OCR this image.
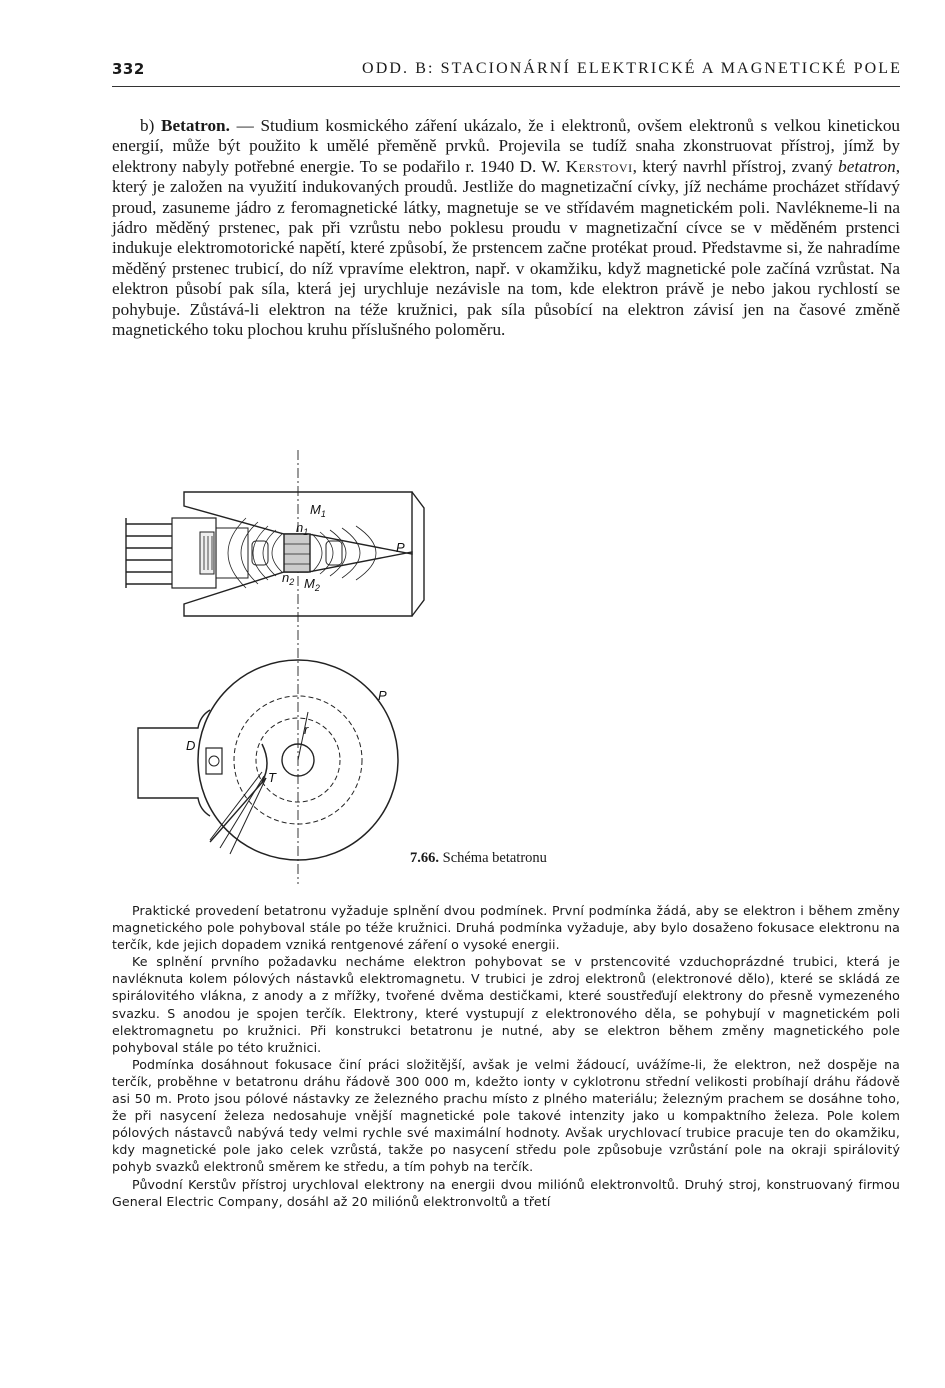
332	ODD. B: STACIONÁRNÍ ELEKTRICKÉ A MAGNETICKÉ POLE

b) Betatron. — Studium kosmického záření ukázalo, že i elektronů, ovšem elektronů s velkou kinetickou energií, může být použito k umělé přeměně prvků. Projevila se tudíž snaha zkonstruovat přístroj, jímž by elektrony nabyly potřebné energie. To se podařilo r. 1940 D. W. Kerstovi, který navrhl přístroj, zvaný betatron, který je založen na využití indukovaných proudů. Jestliže do magnetizační cívky, jíž necháme procházet střídavý proud, zasuneme jádro z feromagnetické látky, magnetuje se ve střídavém magnetickém poli. Navlékneme-li na jádro měděný prstenec, pak při vzrůstu nebo poklesu proudu v magnetizační cívce se v měděném prstenci indukuje elektromotorické napětí, které způsobí, že prstencem začne protékat proud. Představme si, že nahradíme měděný prstenec trubicí, do níž vpravíme elektron, např. v okamžiku, když magnetické pole začíná vzrůstat. Na elektron působí pak síla, která jej urychluje nezávisle na tom, kde elektron právě je nebo jakou rychlostí se pohybuje. Zůstává-li elektron na téže kružnici, pak síla působící na elektron závisí jen na časové změně magnetického toku plochou kruhu příslušného poloměru.

$M_1$
$n_1$
$n_2$ $M_2$
P
P
D
r
T
7.66. Schéma betatronu

Praktické provedení betatronu vyžaduje splnění dvou podmínek. První podmínka žádá, aby se elektron i během změny magnetického pole pohyboval stále po téže kružnici. Druhá podmínka vyžaduje, aby bylo dosaženo fokusace elektronu na terčík, kde jejich dopadem vzniká rentgenové záření o vysoké energii.

Ke splnění prvního požadavku necháme elektron pohybovat se v prstencovité vzduchoprázdné trubici, která je navléknuta kolem pólových nástavků elektromagnetu. V trubici je zdroj elektronů (elektronové dělo), které se skládá ze spirálovitého vlákna, z anody a z mřížky, tvořené dvěma destičkami, které soustřeďují elektrony do přesně vymezeného svazku. S anodou je spojen terčík. Elektrony, které vystupují z elektronového děla, se pohybují v magnetickém poli elektromagnetu po kružnici. Při konstrukci betatronu je nutné, aby se elektron během změny magnetického pole pohyboval stále po této kružnici.

Podmínka dosáhnout fokusace činí práci složitější, avšak je velmi žádoucí, uvážíme-li, že elektron, než dospěje na terčík, proběhne v betatronu dráhu řádově 300 000 m, kdežto ionty v cyklotronu střední velikosti probíhají dráhu řádově asi 50 m. Proto jsou pólové nástavky ze železného prachu místo z plného materiálu; železným prachem se dosáhne toho, že při nasycení železa nedosahuje vnější magnetické pole takové intenzity jako u kompaktního železa. Pole kolem pólových nástavců nabývá tedy velmi rychle své maximální hodnoty. Avšak urychlovací trubice pracuje ten do okamžiku, kdy magnetické pole jako celek vzrůstá, takže po nasycení středu pole způsobuje vzrůstání pole na okraji spirálovitý pohyb svazků elektronů směrem ke středu, a tím pohyb na terčík.

Původní Kerstův přístroj urychloval elektrony na energii dvou miliónů elektronvoltů. Druhý stroj, konstruovaný firmou General Electric Company, dosáhl až 20 miliónů elektronvoltů a třetí
